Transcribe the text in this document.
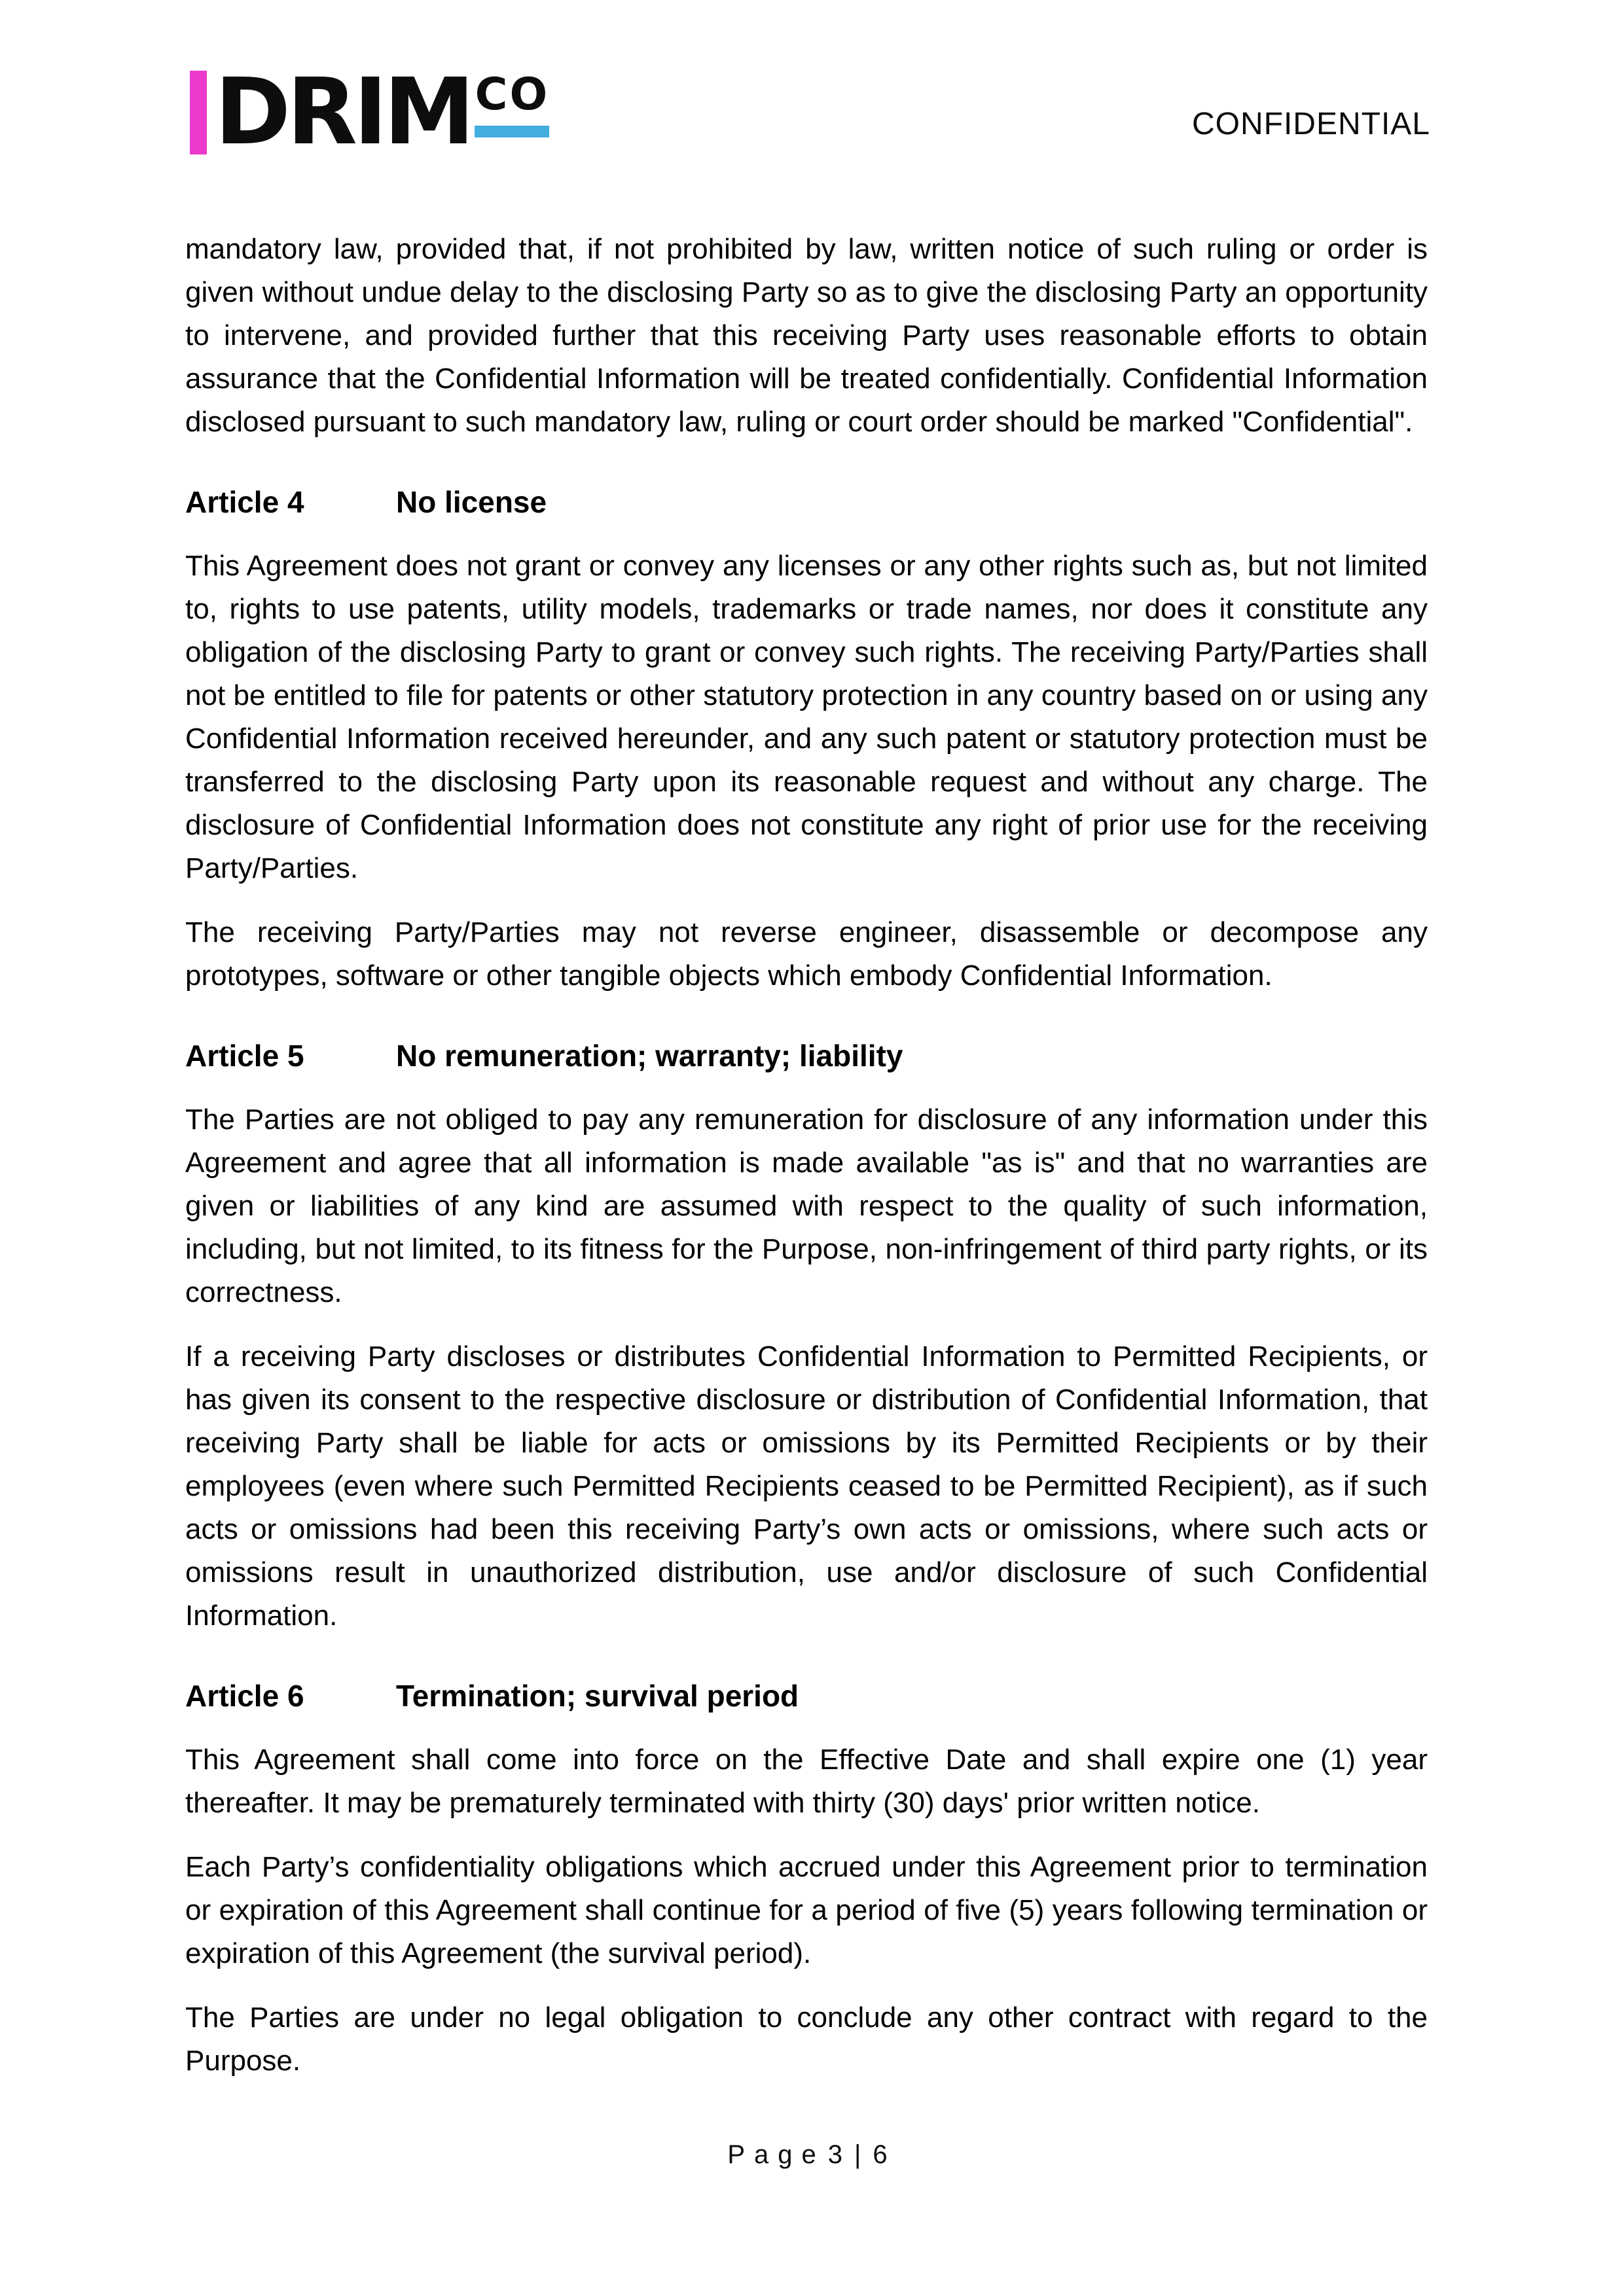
DRIM CO
CONFIDENTIAL

mandatory law, provided that, if not prohibited by law, written notice of such ruling or order is given without undue delay to the disclosing Party so as to give the disclosing Party an opportunity to intervene, and provided further that this receiving Party uses reasonable efforts to obtain assurance that the Confidential Information will be treated confidentially. Confidential Information disclosed pursuant to such mandatory law, ruling or court order should be marked "Confidential".

Article 4	No license

This Agreement does not grant or convey any licenses or any other rights such as, but not limited to, rights to use patents, utility models, trademarks or trade names, nor does it constitute any obligation of the disclosing Party to grant or convey such rights. The receiving Party/Parties shall not be entitled to file for patents or other statutory protection in any country based on or using any Confidential Information received hereunder, and any such patent or statutory protection must be transferred to the disclosing Party upon its reasonable request and without any charge. The disclosure of Confidential Information does not constitute any right of prior use for the receiving Party/Parties.

The receiving Party/Parties may not reverse engineer, disassemble or decompose any prototypes, software or other tangible objects which embody Confidential Information.

Article 5	No remuneration; warranty; liability

The Parties are not obliged to pay any remuneration for disclosure of any information under this Agreement and agree that all information is made available "as is" and that no warranties are given or liabilities of any kind are assumed with respect to the quality of such information, including, but not limited, to its fitness for the Purpose, non-infringement of third party rights, or its correctness.

If a receiving Party discloses or distributes Confidential Information to Permitted Recipients, or has given its consent to the respective disclosure or distribution of Confidential Information, that receiving Party shall be liable for acts or omissions by its Permitted Recipients or by their employees (even where such Permitted Recipients ceased to be Permitted Recipient), as if such acts or omissions had been this receiving Party’s own acts or omissions, where such acts or omissions result in unauthorized distribution, use and/or disclosure of such Confidential Information.

Article 6	Termination; survival period

This Agreement shall come into force on the Effective Date and shall expire one (1) year thereafter. It may be prematurely terminated with thirty (30) days' prior written notice.

Each Party’s confidentiality obligations which accrued under this Agreement prior to termination or expiration of this Agreement shall continue for a period of five (5) years following termination or expiration of this Agreement (the survival period).

The Parties are under no legal obligation to conclude any other contract with regard to the Purpose.

Page 3 | 6
